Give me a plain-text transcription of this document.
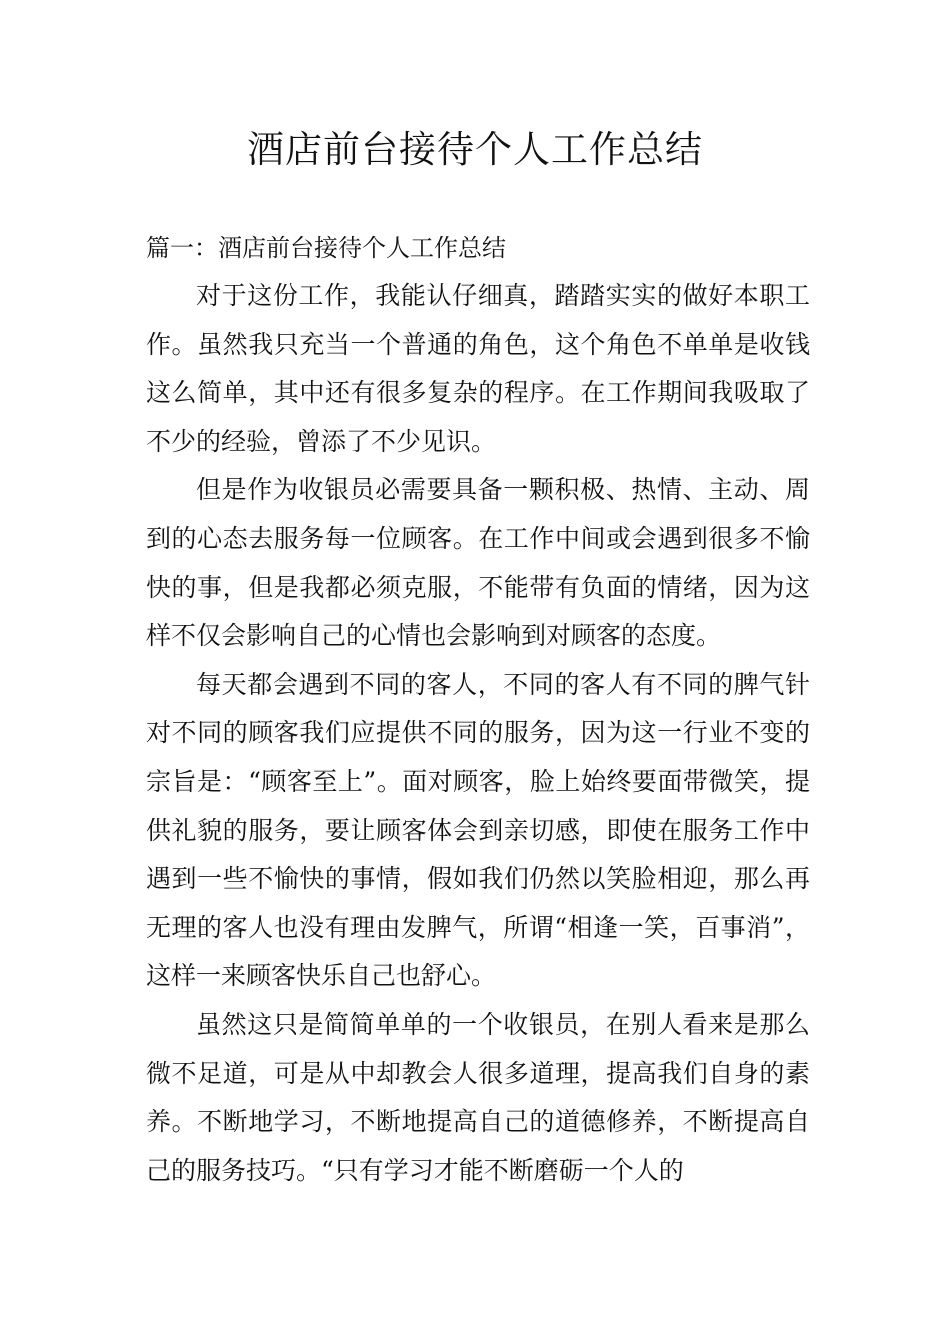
酒店前台接待个人工作总结

篇一：酒店前台接待个人工作总结

对于这份工作，我能认仔细真，踏踏实实的做好本职工作。虽然我只充当一个普通的角色，这个角色不单单是收钱这么简单，其中还有很多复杂的程序。在工作期间我吸取了不少的经验，曾添了不少见识。

但是作为收银员必需要具备一颗积极、热情、主动、周到的心态去服务每一位顾客。在工作中间或会遇到很多不愉快的事，但是我都必须克服，不能带有负面的情绪，因为这样不仅会影响自己的心情也会影响到对顾客的态度。

每天都会遇到不同的客人，不同的客人有不同的脾气针对不同的顾客我们应提供不同的服务，因为这一行业不变的宗旨是：“顾客至上”。面对顾客，脸上始终要面带微笑，提供礼貌的服务，要让顾客体会到亲切感，即使在服务工作中遇到一些不愉快的事情，假如我们仍然以笑脸相迎，那么再无理的客人也没有理由发脾气，所谓“相逢一笑，百事消”，这样一来顾客快乐自己也舒心。

虽然这只是简简单单的一个收银员，在别人看来是那么微不足道，可是从中却教会人很多道理，提高我们自身的素养。不断地学习，不断地提高自己的道德修养，不断提高自己的服务技巧。“只有学习才能不断磨砺一个人的
